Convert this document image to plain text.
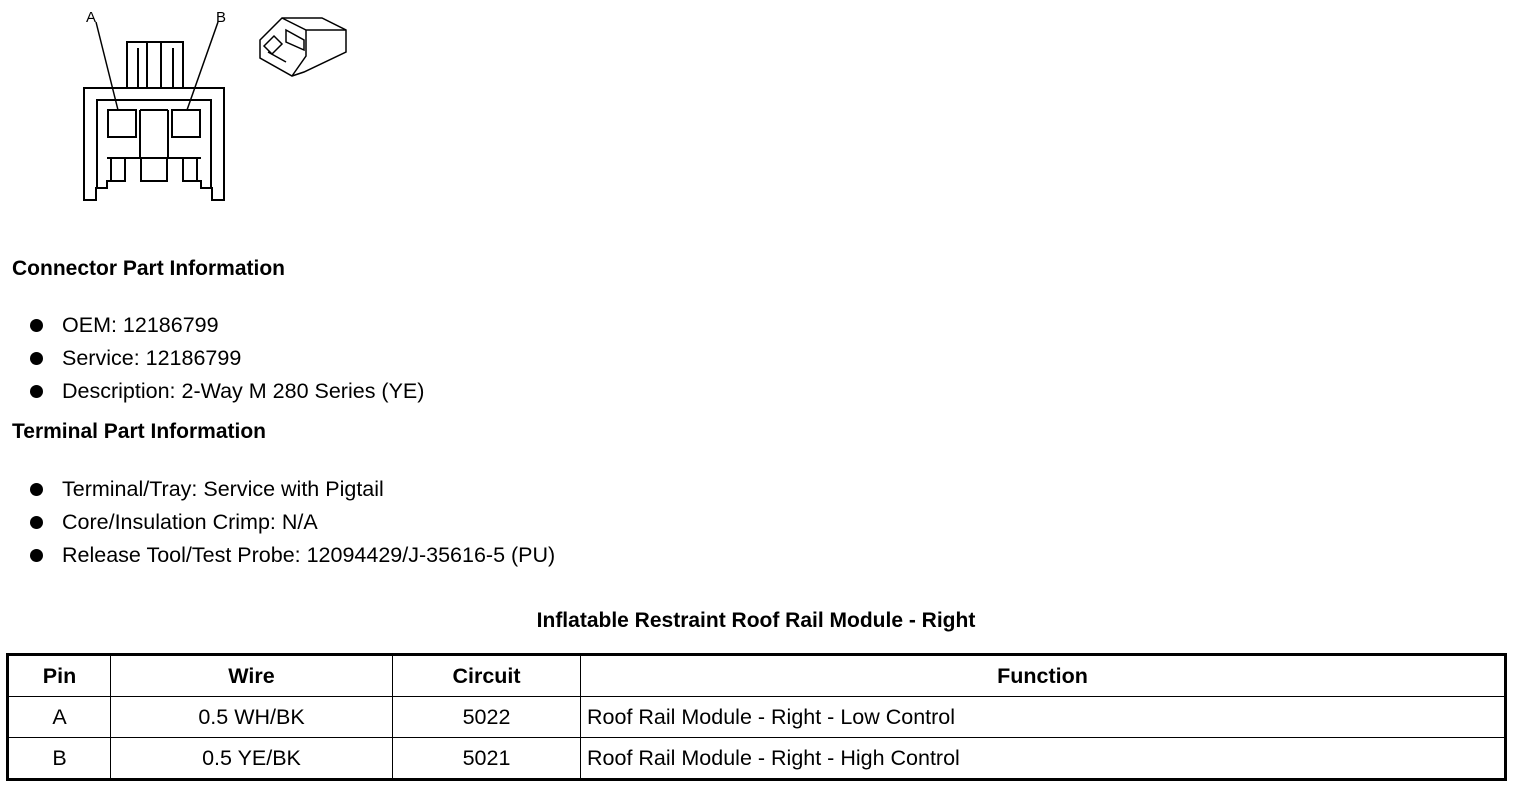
A	B
Connector Part Information
OEM: 12186799
Service: 12186799
Description: 2-Way M 280 Series (YE)
Terminal Part Information
Terminal/Tray: Service with Pigtail
Core/Insulation Crimp: N/A
Release Tool/Test Probe: 12094429/J-35616-5 (PU)
Inflatable Restraint Roof Rail Module - Right
Pin	Wire	Circuit	Function
A	0.5 WH/BK	5022	Roof Rail Module - Right - Low Control
B	0.5 YE/BK	5021	Roof Rail Module - Right - High Control
